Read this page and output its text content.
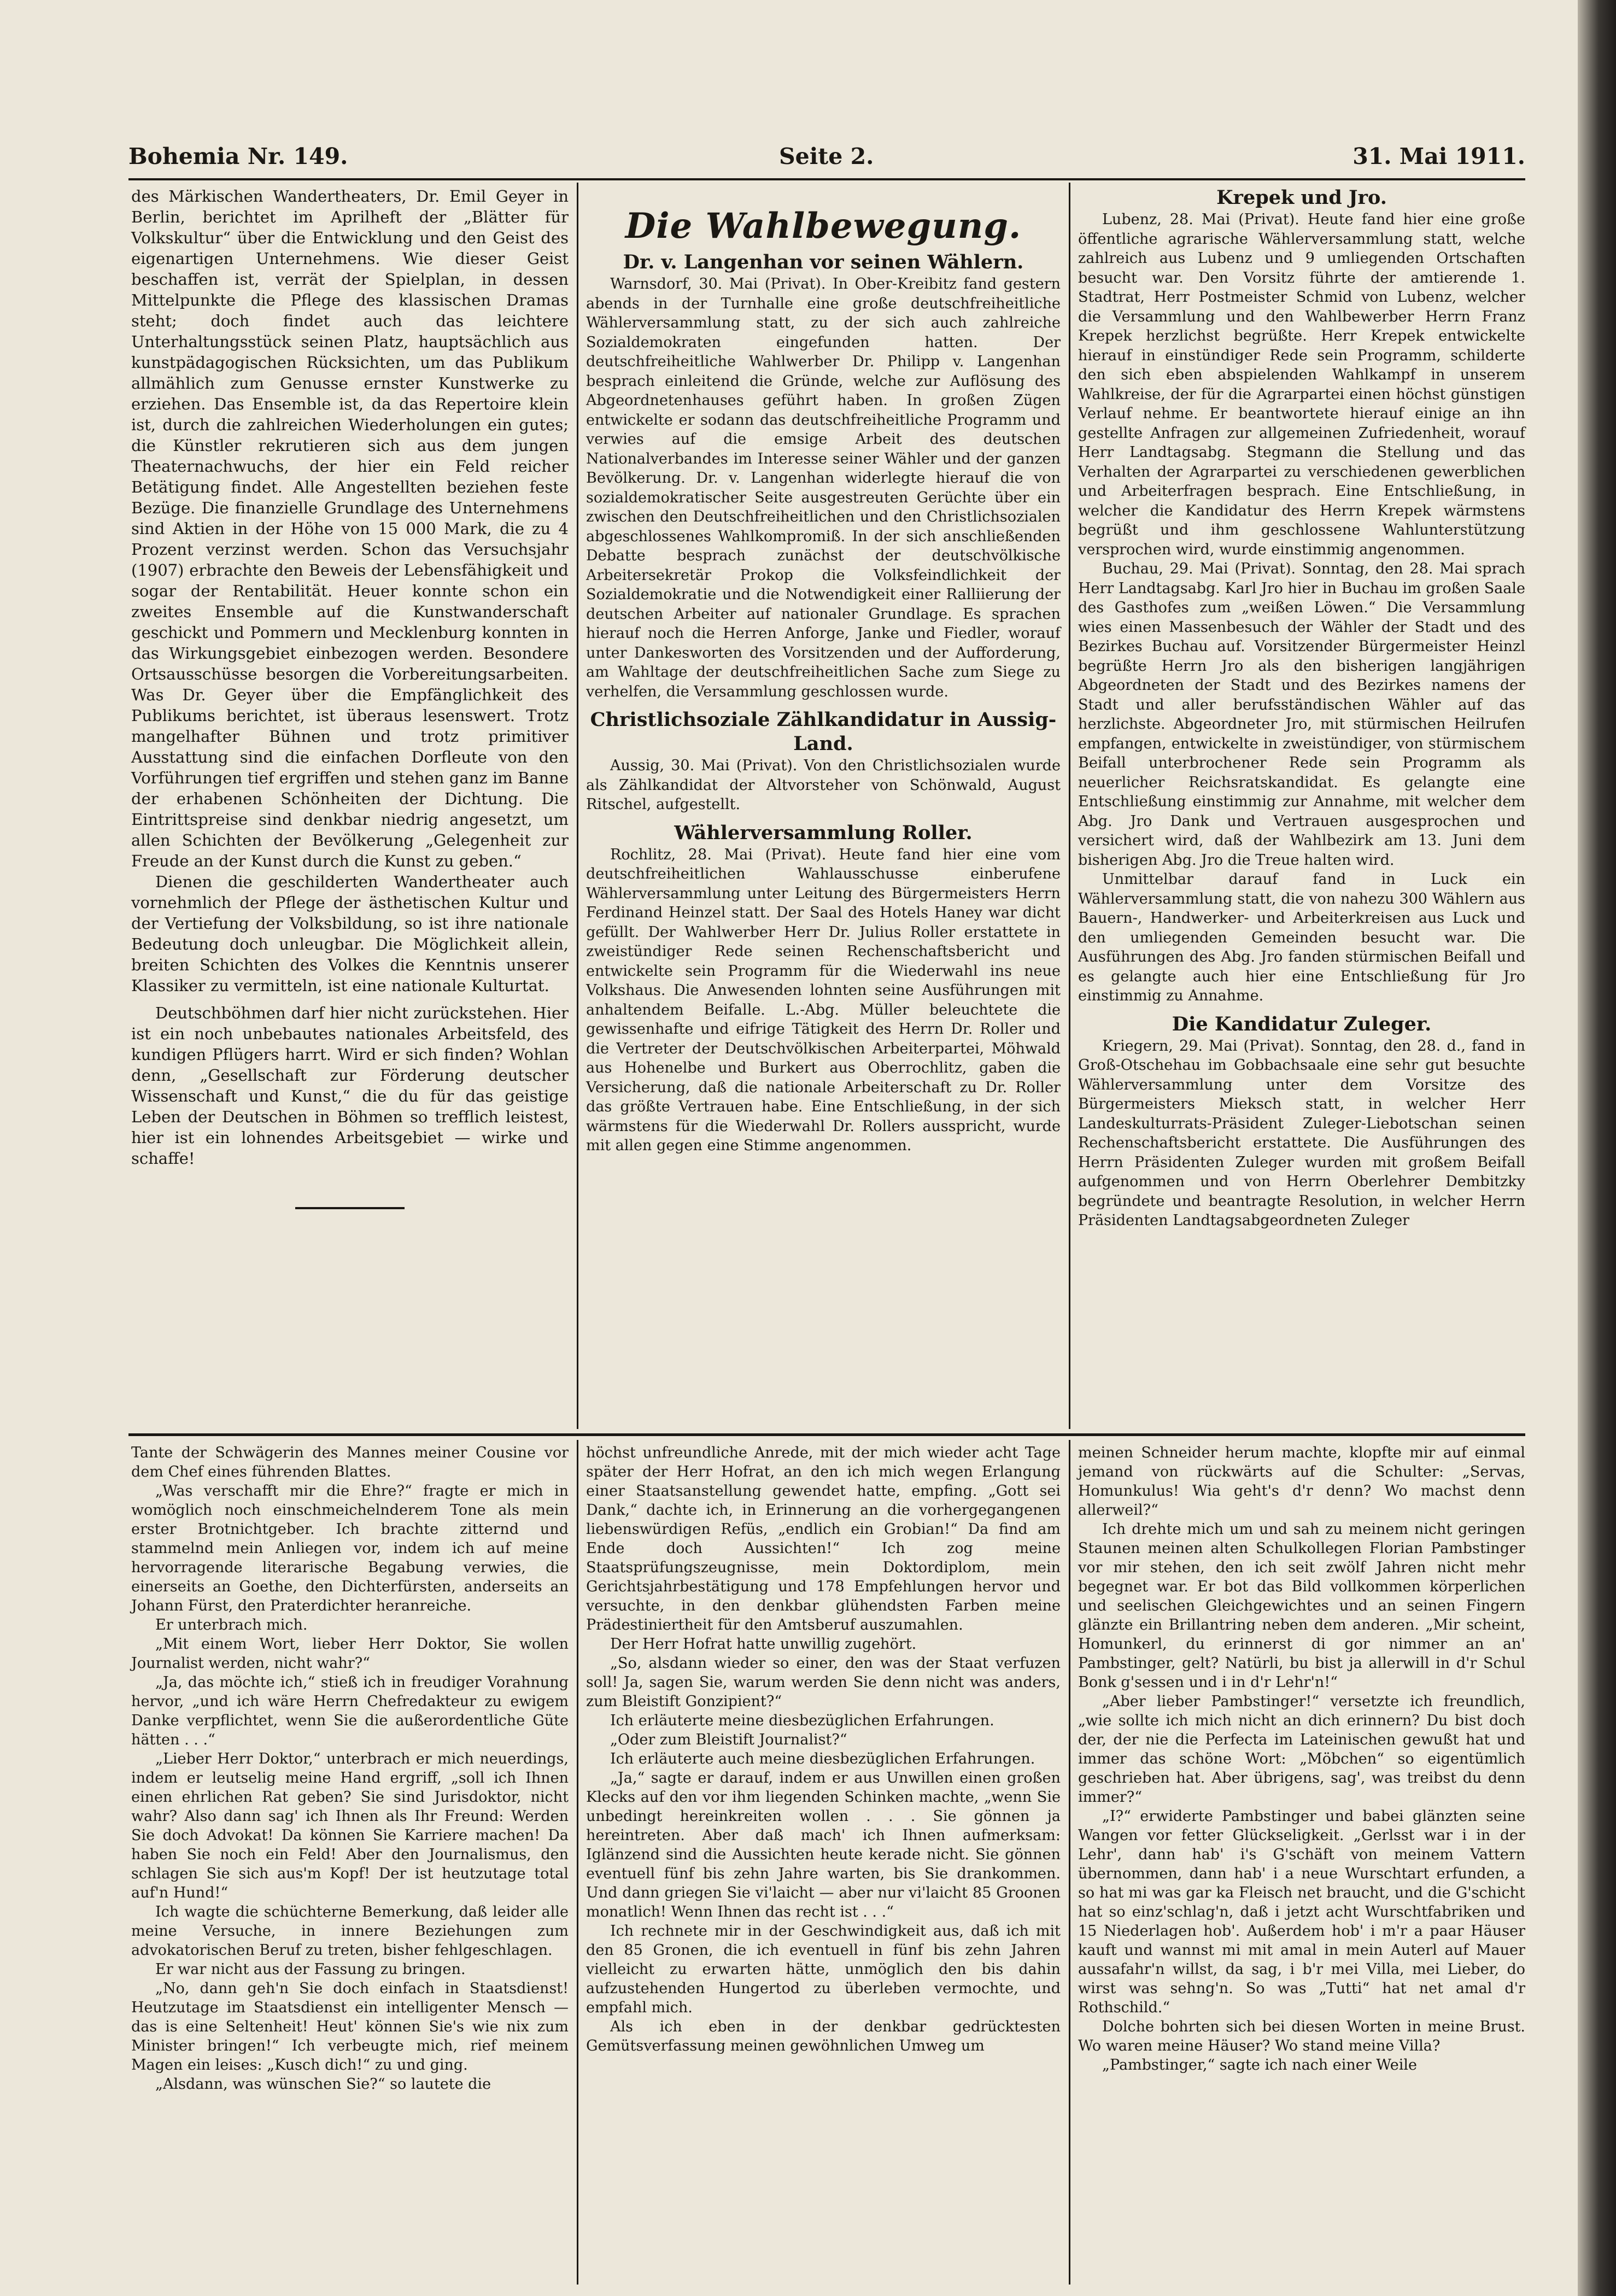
Bohemia Nr. 149.	Seite 2.	31. Mai 1911.

des Märkischen Wandertheaters, Dr. Emil Geyer in Berlin, berichtet im Aprilheft der „Blätter für Volkskultur“ über die Entwicklung und den Geist des eigenartigen Unternehmens. Wie dieser Geist beschaffen ist, verrät der Spielplan, in dessen Mittelpunkte die Pflege des klassischen Dramas steht; doch findet auch das leichtere Unterhaltungsstück seinen Platz, hauptsächlich aus kunstpädagogischen Rücksichten, um das Publikum allmählich zum Genusse ernster Kunstwerke zu erziehen. Das Ensemble ist, da das Repertoire klein ist, durch die zahlreichen Wiederholungen ein gutes; die Künstler rekrutieren sich aus dem jungen Theaternachwuchs, der hier ein Feld reicher Betätigung findet. Alle Angestellten beziehen feste Bezüge. Die finanzielle Grundlage des Unternehmens sind Aktien in der Höhe von 15 000 Mark, die zu 4 Prozent verzinst werden. Schon das Versuchsjahr (1907) erbrachte den Beweis der Lebensfähigkeit und sogar der Rentabilität. Heuer konnte schon ein zweites Ensemble auf die Kunstwanderschaft geschickt und Pommern und Mecklenburg konnten in das Wirkungsgebiet einbezogen werden. Besondere Ortsausschüsse besorgen die Vorbereitungsarbeiten. Was Dr. Geyer über die Empfänglichkeit des Publikums berichtet, ist überaus lesenswert. Trotz mangelhafter Bühnen und trotz primitiver Ausstattung sind die einfachen Dorfleute von den Vorführungen tief ergriffen und stehen ganz im Banne der erhabenen Schönheiten der Dichtung. Die Eintrittspreise sind denkbar niedrig angesetzt, um allen Schichten der Bevölkerung „Gelegenheit zur Freude an der Kunst durch die Kunst zu geben.“

Dienen die geschilderten Wandertheater auch vornehmlich der Pflege der ästhetischen Kultur und der Vertiefung der Volksbildung, so ist ihre nationale Bedeutung doch unleugbar. Die Möglichkeit allein, breiten Schichten des Volkes die Kenntnis unserer Klassiker zu vermitteln, ist eine nationale Kulturtat.

Deutschböhmen darf hier nicht zurückstehen. Hier ist ein noch unbebautes nationales Arbeitsfeld, des kundigen Pflügers harrt. Wird er sich finden? Wohlan denn, „Gesellschaft zur Förderung deutscher Wissenschaft und Kunst,“ die du für das geistige Leben der Deutschen in Böhmen so trefflich leistest, hier ist ein lohnendes Arbeitsgebiet — wirke und schaffe!

Die Wahlbewegung.
Dr. v. Langenhan vor seinen Wählern.

Warnsdorf, 30. Mai (Privat). In Ober-Kreibitz fand gestern abends in der Turnhalle eine große deutschfreiheitliche Wählerversammlung statt, zu der sich auch zahlreiche Sozialdemokraten eingefunden hatten. Der deutschfreiheitliche Wahlwerber Dr. Philipp v. Langenhan besprach einleitend die Gründe, welche zur Auflösung des Abgeordnetenhauses geführt haben. In großen Zügen entwickelte er sodann das deutschfreiheitliche Programm und verwies auf die emsige Arbeit des deutschen Nationalverbandes im Interesse seiner Wähler und der ganzen Bevölkerung. Dr. v. Langenhan widerlegte hierauf die von sozialdemokratischer Seite ausgestreuten Gerüchte über ein zwischen den Deutschfreiheitlichen und den Christlichsozialen abgeschlossenes Wahlkompromiß. In der sich anschließenden Debatte besprach zunächst der deutschvölkische Arbeitersekretär Prokop die Volksfeindlichkeit der Sozialdemokratie und die Notwendigkeit einer Ralliierung der deutschen Arbeiter auf nationaler Grundlage. Es sprachen hierauf noch die Herren Anforge, Janke und Fiedler, worauf unter Dankesworten des Vorsitzenden und der Aufforderung, am Wahltage der deutschfreiheitlichen Sache zum Siege zu verhelfen, die Versammlung geschlossen wurde.

Christlichsoziale Zählkandidatur in Aussig-Land.

Aussig, 30. Mai (Privat). Von den Christlichsozialen wurde als Zählkandidat der Altvorsteher von Schönwald, August Ritschel, aufgestellt.

Wählerversammlung Roller.

Rochlitz, 28. Mai (Privat). Heute fand hier eine vom deutschfreiheitlichen Wahlausschusse einberufene Wählerversammlung unter Leitung des Bürgermeisters Herrn Ferdinand Heinzel statt. Der Saal des Hotels Haney war dicht gefüllt. Der Wahlwerber Herr Dr. Julius Roller erstattete in zweistündiger Rede seinen Rechenschaftsbericht und entwickelte sein Programm für die Wiederwahl ins neue Volkshaus. Die Anwesenden lohnten seine Ausführungen mit anhaltendem Beifalle. L.-Abg. Müller beleuchtete die gewissenhafte und eifrige Tätigkeit des Herrn Dr. Roller und die Vertreter der Deutschvölkischen Arbeiterpartei, Möhwald aus Hohenelbe und Burkert aus Oberrochlitz, gaben die Versicherung, daß die nationale Arbeiterschaft zu Dr. Roller das größte Vertrauen habe. Eine Entschließung, in der sich wärmstens für die Wiederwahl Dr. Rollers ausspricht, wurde mit allen gegen eine Stimme angenommen.

Krepek und Jro.

Lubenz, 28. Mai (Privat). Heute fand hier eine große öffentliche agrarische Wählerversammlung statt, welche zahlreich aus Lubenz und 9 umliegenden Ortschaften besucht war. Den Vorsitz führte der amtierende 1. Stadtrat, Herr Postmeister Schmid von Lubenz, welcher die Versammlung und den Wahlbewerber Herrn Franz Krepek herzlichst begrüßte. Herr Krepek entwickelte hierauf in einstündiger Rede sein Programm, schilderte den sich eben abspielenden Wahlkampf in unserem Wahlkreise, der für die Agrarpartei einen höchst günstigen Verlauf nehme. Er beantwortete hierauf einige an ihn gestellte Anfragen zur allgemeinen Zufriedenheit, worauf Herr Landtagsabg. Stegmann die Stellung und das Verhalten der Agrarpartei zu verschiedenen gewerblichen und Arbeiterfragen besprach. Eine Entschließung, in welcher die Kandidatur des Herrn Krepek wärmstens begrüßt und ihm geschlossene Wahlunterstützung versprochen wird, wurde einstimmig angenommen.

Buchau, 29. Mai (Privat). Sonntag, den 28. Mai sprach Herr Landtagsabg. Karl Jro hier in Buchau im großen Saale des Gasthofes zum „weißen Löwen.“ Die Versammlung wies einen Massenbesuch der Wähler der Stadt und des Bezirkes Buchau auf. Vorsitzender Bürgermeister Heinzl begrüßte Herrn Jro als den bisherigen langjährigen Abgeordneten der Stadt und des Bezirkes namens der Stadt und aller berufsständischen Wähler auf das herzlichste. Abgeordneter Jro, mit stürmischen Heilrufen empfangen, entwickelte in zweistündiger, von stürmischem Beifall unterbrochener Rede sein Programm als neuerlicher Reichsratskandidat. Es gelangte eine Entschließung einstimmig zur Annahme, mit welcher dem Abg. Jro Dank und Vertrauen ausgesprochen und versichert wird, daß der Wahlbezirk am 13. Juni dem bisherigen Abg. Jro die Treue halten wird.

Unmittelbar darauf fand in Luck ein Wählerversammlung statt, die von nahezu 300 Wählern aus Bauern-, Handwerker- und Arbeiterkreisen aus Luck und den umliegenden Gemeinden besucht war. Die Ausführungen des Abg. Jro fanden stürmischen Beifall und es gelangte auch hier eine Entschließung für Jro einstimmig zu Annahme.

Die Kandidatur Zuleger.

Kriegern, 29. Mai (Privat). Sonntag, den 28. d., fand in Groß-Otschehau im Gobbachsaale eine sehr gut besuchte Wählerversammlung unter dem Vorsitze des Bürgermeisters Mieksch statt, in welcher Herr Landeskulturrats-Präsident Zuleger-Liebotschan seinen Rechenschaftsbericht erstattete. Die Ausführungen des Herrn Präsidenten Zuleger wurden mit großem Beifall aufgenommen und von Herrn Oberlehrer Dembitzky begründete und beantragte Resolution, in welcher Herrn Präsidenten Landtagsabgeordneten Zuleger

Tante der Schwägerin des Mannes meiner Cousine vor dem Chef eines führenden Blattes.

„Was verschafft mir die Ehre?“ fragte er mich in womöglich noch einschmeichelnderem Tone als mein erster Brotnichtgeber. Ich brachte zitternd und stammelnd mein Anliegen vor, indem ich auf meine hervorragende literarische Begabung verwies, die einerseits an Goethe, den Dichterfürsten, anderseits an Johann Fürst, den Praterdichter heranreiche.

Er unterbrach mich.

„Mit einem Wort, lieber Herr Doktor, Sie wollen Journalist werden, nicht wahr?“

„Ja, das möchte ich,“ stieß ich in freudiger Vorahnung hervor, „und ich wäre Herrn Chefredakteur zu ewigem Danke verpflichtet, wenn Sie die außerordentliche Güte hätten . . .“

„Lieber Herr Doktor,“ unterbrach er mich neuerdings, indem er leutselig meine Hand ergriff, „soll ich Ihnen einen ehrlichen Rat geben? Sie sind Jurisdoktor, nicht wahr? Also dann sag' ich Ihnen als Ihr Freund: Werden Sie doch Advokat! Da können Sie Karriere machen! Da haben Sie noch ein Feld! Aber den Journalismus, den schlagen Sie sich aus'm Kopf! Der ist heutzutage total auf'n Hund!“

Ich wagte die schüchterne Bemerkung, daß leider alle meine Versuche, in innere Beziehungen zum advokatorischen Beruf zu treten, bisher fehlgeschlagen.

Er war nicht aus der Fassung zu bringen.

„No, dann geh'n Sie doch einfach in Staatsdienst! Heutzutage im Staatsdienst ein intelligenter Mensch — das is eine Seltenheit! Heut' können Sie's wie nix zum Minister bringen!“ Ich verbeugte mich, rief meinem Magen ein leises: „Kusch dich!“ zu und ging.

„Alsdann, was wünschen Sie?“ so lautete die

höchst unfreundliche Anrede, mit der mich wieder acht Tage später der Herr Hofrat, an den ich mich wegen Erlangung einer Staatsanstellung gewendet hatte, empfing. „Gott sei Dank,“ dachte ich, in Erinnerung an die vorhergegangenen liebenswürdigen Refüs, „endlich ein Grobian!“ Da find am Ende doch Aussichten!“ Ich zog meine Staatsprüfungszeugnisse, mein Doktordiplom, mein Gerichtsjahrbestätigung und 178 Empfehlungen hervor und versuchte, in den denkbar glühendsten Farben meine Prädestiniertheit für den Amtsberuf auszumahlen.

Der Herr Hofrat hatte unwillig zugehört.

„So, alsdann wieder so einer, den was der Staat verfuzen soll! Ja, sagen Sie, warum werden Sie denn nicht was anders, zum Bleistift Gonzipient?“

Ich erläuterte meine diesbezüglichen Erfahrungen.

„Oder zum Bleistift Journalist?“

Ich erläuterte auch meine diesbezüglichen Erfahrungen.

„Ja,“ sagte er darauf, indem er aus Unwillen einen großen Klecks auf den vor ihm liegenden Schinken machte, „wenn Sie unbedingt hereinkreiten wollen . . . Sie gönnen ja hereintreten. Aber daß mach' ich Ihnen aufmerksam: Iglänzend sind die Aussichten heute kerade nicht. Sie gönnen eventuell fünf bis zehn Jahre warten, bis Sie drankommen. Und dann griegen Sie vi'laicht — aber nur vi'laicht 85 Groonen monatlich! Wenn Ihnen das recht ist . . .“

Ich rechnete mir in der Geschwindigkeit aus, daß ich mit den 85 Gronen, die ich eventuell in fünf bis zehn Jahren vielleicht zu erwarten hätte, unmöglich den bis dahin aufzustehenden Hungertod zu überleben vermochte, und empfahl mich.

Als ich eben in der denkbar gedrücktesten Gemütsverfassung meinen gewöhnlichen Umweg um

meinen Schneider herum machte, klopfte mir auf einmal jemand von rückwärts auf die Schulter: „Servas, Homunkulus! Wia geht's d'r denn? Wo machst denn allerweil?“

Ich drehte mich um und sah zu meinem nicht geringen Staunen meinen alten Schulkollegen Florian Pambstinger vor mir stehen, den ich seit zwölf Jahren nicht mehr begegnet war. Er bot das Bild vollkommen körperlichen und seelischen Gleichgewichtes und an seinen Fingern glänzte ein Brillantring neben dem anderen. „Mir scheint, Homunkerl, du erinnerst di gor nimmer an an' Pambstinger, gelt? Natürli, bu bist ja allerwill in d'r Schul Bonk g'sessen und i in d'r Lehr'n!“

„Aber lieber Pambstinger!“ versetzte ich freundlich, „wie sollte ich mich nicht an dich erinnern? Du bist doch der, der nie die Perfecta im Lateinischen gewußt hat und immer das schöne Wort: „Möbchen“ so eigentümlich geschrieben hat. Aber übrigens, sag', was treibst du denn immer?“

„I?“ erwiderte Pambstinger und babei glänzten seine Wangen vor fetter Glückseligkeit. „Gerlsst war i in der Lehr', dann hab' i's G'schäft von meinem Vattern übernommen, dann hab' i a neue Wurschtart erfunden, a so hat mi was gar ka Fleisch net braucht, und die G'schicht hat so einz'schlag'n, daß i jetzt acht Wurschtfabriken und 15 Niederlagen hob'. Außerdem hob' i m'r a paar Häuser kauft und wannst mi mit amal in mein Auterl auf Mauer aussafahr'n willst, da sag, i b'r mei Villa, mei Lieber, do wirst was sehng'n. So was „Tutti“ hat net amal d'r Rothschild.“

Dolche bohrten sich bei diesen Worten in meine Brust. Wo waren meine Häuser? Wo stand meine Villa?

„Pambstinger,“ sagte ich nach einer Weile
